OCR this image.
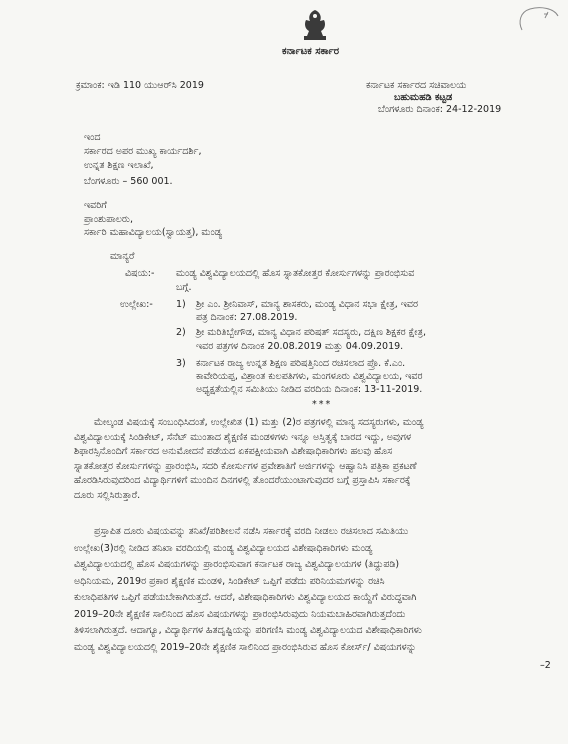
ಕರ್ನಾಟಕ ಸರ್ಕಾರ
ಕ್ರಮಾಂಕ: ಇಡಿ 110 ಯುಆರ್‌ಸಿ 2019	ಕರ್ನಾಟಕ ಸರ್ಕಾರದ ಸಚಿವಾಲಯ
ಬಹುಮಹಡಿ ಕಟ್ಟಡ
ಬೆಂಗಳೂರು ದಿನಾಂಕ: 24-12-2019
ಇಂದ
ಸರ್ಕಾರದ ಅಪರ ಮುಖ್ಯ ಕಾರ್ಯದರ್ಶಿ,
ಉನ್ನತ ಶಿಕ್ಷಣ ಇಲಾಖೆ,
ಬೆಂಗಳೂರು – 560 001.
ಇವರಿಗೆ
ಪ್ರಾಂಶುಪಾಲರು,
ಸರ್ಕಾರಿ ಮಹಾವಿದ್ಯಾಲಯ(ಸ್ವಾಯತ್ತ), ಮಂಡ್ಯ
ಮಾನ್ಯರೆ
ವಿಷಯ:- ಮಂಡ್ಯ ವಿಶ್ವವಿದ್ಯಾಲಯದಲ್ಲಿ ಹೊಸ ಸ್ನಾತಕೋತ್ತರ ಕೋರ್ಸುಗಳನ್ನು ಪ್ರಾರಂಭಿಸುವ
ಬಗ್ಗೆ.
ಉಲ್ಲೇಖ:- 1) ಶ್ರೀ ಎಂ. ಶ್ರೀನಿವಾಸ್, ಮಾನ್ಯ ಶಾಸಕರು, ಮಂಡ್ಯ ವಿಧಾನ ಸಭಾ ಕ್ಷೇತ್ರ, ಇವರ
ಪತ್ರ ದಿನಾಂಕ: 27.08.2019.
2) ಶ್ರೀ ಮರಿತಿಬ್ಬೇಗೌಡ, ಮಾನ್ಯ ವಿಧಾನ ಪರಿಷತ್ ಸದಸ್ಯರು, ದಕ್ಷಿಣ ಶಿಕ್ಷಕರ ಕ್ಷೇತ್ರ,
ಇವರ ಪತ್ರಗಳ ದಿನಾಂಕ 20.08.2019 ಮತ್ತು 04.09.2019.
3) ಕರ್ನಾಟಕ ರಾಜ್ಯ ಉನ್ನತ ಶಿಕ್ಷಣ ಪರಿಷತ್ತಿನಿಂದ ರಚಿಸಲಾದ ಪ್ರೊ. ಕೆ.ಎಂ.
ಕಾವೇರಿಯಪ್ಪ, ವಿಶ್ರಾಂತ ಕುಲಪತಿಗಳು, ಮಂಗಳೂರು ವಿಶ್ವವಿದ್ಯಾಲಯ, ಇವರ
ಅಧ್ಯಕ್ಷತೆಯಲ್ಲಿನ ಸಮಿತಿಯು ನೀಡಿದ ವರದಿಯ ದಿನಾಂಕ: 13-11-2019.
***
ಮೇಲ್ಕಂಡ ವಿಷಯಕ್ಕೆ ಸಂಬಂಧಿಸಿದಂತೆ, ಉಲ್ಲೇಖಿತ (1) ಮತ್ತು (2)ರ ಪತ್ರಗಳಲ್ಲಿ ಮಾನ್ಯ ಸದಸ್ಯರುಗಳು, ಮಂಡ್ಯ
ವಿಶ್ವವಿದ್ಯಾಲಯಕ್ಕೆ ಸಿಂಡಿಕೇಟ್, ಸೆನೆಟ್ ಮುಂತಾದ ಶೈಕ್ಷಣಿಕ ಮಂಡಳಿಗಳು ಇನ್ನೂ ಅಸ್ತಿತ್ವಕ್ಕೆ ಬಾರದ ಇದ್ದು, ಅವುಗಳ
ಶಿಫಾರಸ್ಸಿನೊಂದಿಗೆ ಸರ್ಕಾರದ ಅನುಮೋದನೆ ಪಡೆಯದ ಏಕಪಕ್ಷೀಯವಾಗಿ ವಿಶೇಷಾಧಿಕಾರಿಗಳು ಹಲವು ಹೊಸ
ಸ್ನಾತಕೋತ್ತರ ಕೋರ್ಸುಗಳನ್ನು ಪ್ರಾರಂಭಿಸಿ, ಸದರಿ ಕೋರ್ಸುಗಳ ಪ್ರವೇಶಾತಿಗೆ ಅರ್ಜಿಗಳನ್ನು ಆಹ್ವಾನಿಸಿ ಪತ್ರಿಕಾ ಪ್ರಕಟಣೆ
ಹೊರಡಿಸಿರುವುದರಿಂದ ವಿದ್ಯಾರ್ಥಿಗಳಿಗೆ ಮುಂದಿನ ದಿನಗಳಲ್ಲಿ ತೊಂದರೆಯುಂಟಾಗುವುದರ ಬಗ್ಗೆ ಪ್ರಸ್ತಾಪಿಸಿ ಸರ್ಕಾರಕ್ಕೆ
ದೂರು ಸಲ್ಲಿಸಿರುತ್ತಾರೆ.
ಪ್ರಸ್ತಾಪಿತ ದೂರು ವಿಷಯವನ್ನು ತನಿಖೆ/ಪರಿಶೀಲನೆ ನಡೆಸಿ ಸರ್ಕಾರಕ್ಕೆ ವರದಿ ನೀಡಲು ರಚಿಸಲಾದ ಸಮಿತಿಯು
ಉಲ್ಲೇಖ(3)ರಲ್ಲಿ ನೀಡಿದ ತನಿಖಾ ವರದಿಯಲ್ಲಿ ಮಂಡ್ಯ ವಿಶ್ವವಿದ್ಯಾಲಯದ ವಿಶೇಷಾಧಿಕಾರಿಗಳು ಮಂಡ್ಯ
ವಿಶ್ವವಿದ್ಯಾಲಯದಲ್ಲಿ ಹೊಸ ವಿಷಯಗಳನ್ನು ಪ್ರಾರಂಭಿಸುವಾಗ ಕರ್ನಾಟಕ ರಾಜ್ಯ ವಿಶ್ವವಿದ್ಯಾಲಯಗಳ (ತಿದ್ದುಪಡಿ)
ಅಧಿನಿಯಮ, 2019ರ ಪ್ರಕಾರ ಶೈಕ್ಷಣಿಕ ಮಂಡಳಿ, ಸಿಂಡಿಕೇಟ್ ಒಪ್ಪಿಗೆ ಪಡೆದು ಪರಿನಿಯಮಗಳನ್ನು ರಚಿಸಿ
ಕುಲಾಧಿಪತಿಗಳ ಒಪ್ಪಿಗೆ ಪಡೆಯಬೇಕಾಗಿರುತ್ತದೆ. ಆದರೆ, ವಿಶೇಷಾಧಿಕಾರಿಗಳು ವಿಶ್ವವಿದ್ಯಾಲಯದ ಕಾಯ್ದೆಗೆ ವಿರುದ್ಧವಾಗಿ
2019–20ನೇ ಶೈಕ್ಷಣಿಕ ಸಾಲಿನಿಂದ ಹೊಸ ವಿಷಯಗಳನ್ನು ಪ್ರಾರಂಭಿಸಿರುವುದು ನಿಯಮಬಾಹಿರವಾಗಿರುತ್ತದೆಂದು
ತಿಳಿಸಲಾಗಿರುತ್ತದೆ. ಆದಾಗ್ಯೂ, ವಿದ್ಯಾರ್ಥಿಗಳ ಹಿತದೃಷ್ಟಿಯನ್ನು ಪರಿಗಣಿಸಿ ಮಂಡ್ಯ ವಿಶ್ವವಿದ್ಯಾಲಯದ ವಿಶೇಷಾಧಿಕಾರಿಗಳು
ಮಂಡ್ಯ ವಿಶ್ವವಿದ್ಯಾಲಯದಲ್ಲಿ 2019–20ನೇ ಶೈಕ್ಷಣಿಕ ಸಾಲಿನಿಂದ ಪ್ರಾರಂಭಿಸಿರುವ ಹೊಸ ಕೋರ್ಸ್/ ವಿಷಯಗಳನ್ನು
–2
